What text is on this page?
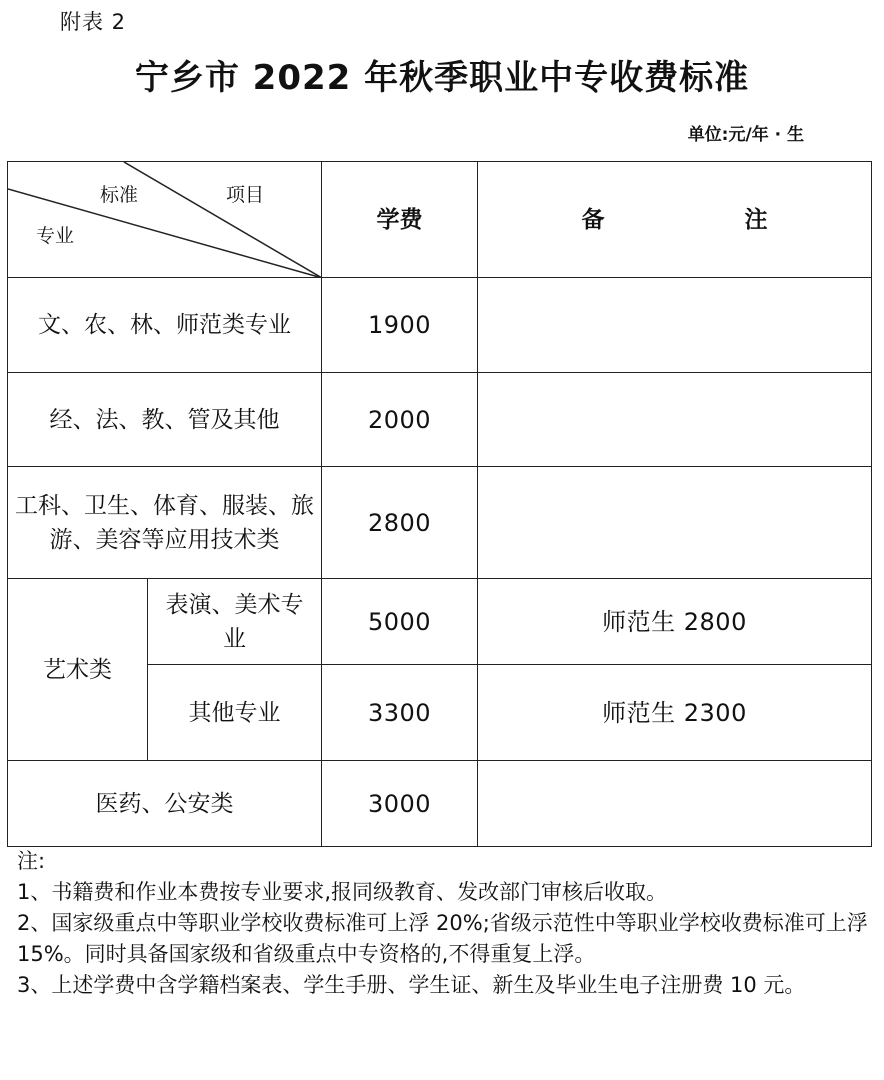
附表 2
宁乡市 2022 年秋季职业中专收费标准
单位:元/年 · 生
标准 项目
专业		学费	备 注
文、农、林、师范类专业		1900	
经、法、教、管及其他		2000	
工科、卫生、体育、服装、旅游、美容等应用技术类		2800	
艺术类	表演、美术专业	5000	师范生 2800
	其他专业	3300	师范生 2300
医药、公安类		3000	

注:

1、书籍费和作业本费按专业要求,报同级教育、发改部门审核后收取。

2、国家级重点中等职业学校收费标准可上浮 20%;省级示范性中等职业学校收费标准可上浮 15%。同时具备国家级和省级重点中专资格的,不得重复上浮。

3、上述学费中含学籍档案表、学生手册、学生证、新生及毕业生电子注册费 10 元。
